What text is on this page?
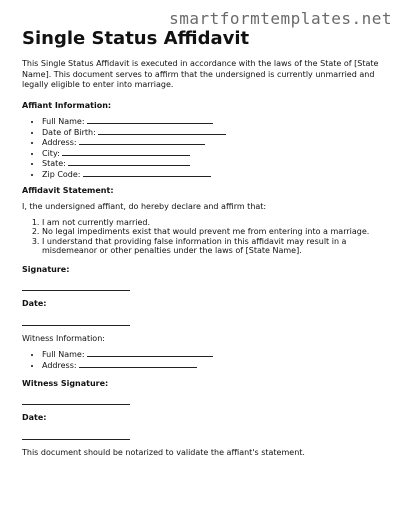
smartformtemplates.net
Single Status Affidavit

This Single Status Affidavit is executed in accordance with the laws of the State of [State Name]. This document serves to affirm that the undersigned is currently unmarried and legally eligible to enter into marriage.

Affiant Information:

• Full Name:
• Date of Birth:
• Address:
• City:
• State:
• Zip Code:

Affidavit Statement:

I, the undersigned affiant, do hereby declare and affirm that:

1. I am not currently married.
2. No legal impediments exist that would prevent me from entering into a marriage.
3. I understand that providing false information in this affidavit may result in a misdemeanor or other penalties under the laws of [State Name].

Signature:

Date:

Witness Information:

• Full Name:
• Address:

Witness Signature:

Date:

This document should be notarized to validate the affiant's statement.
